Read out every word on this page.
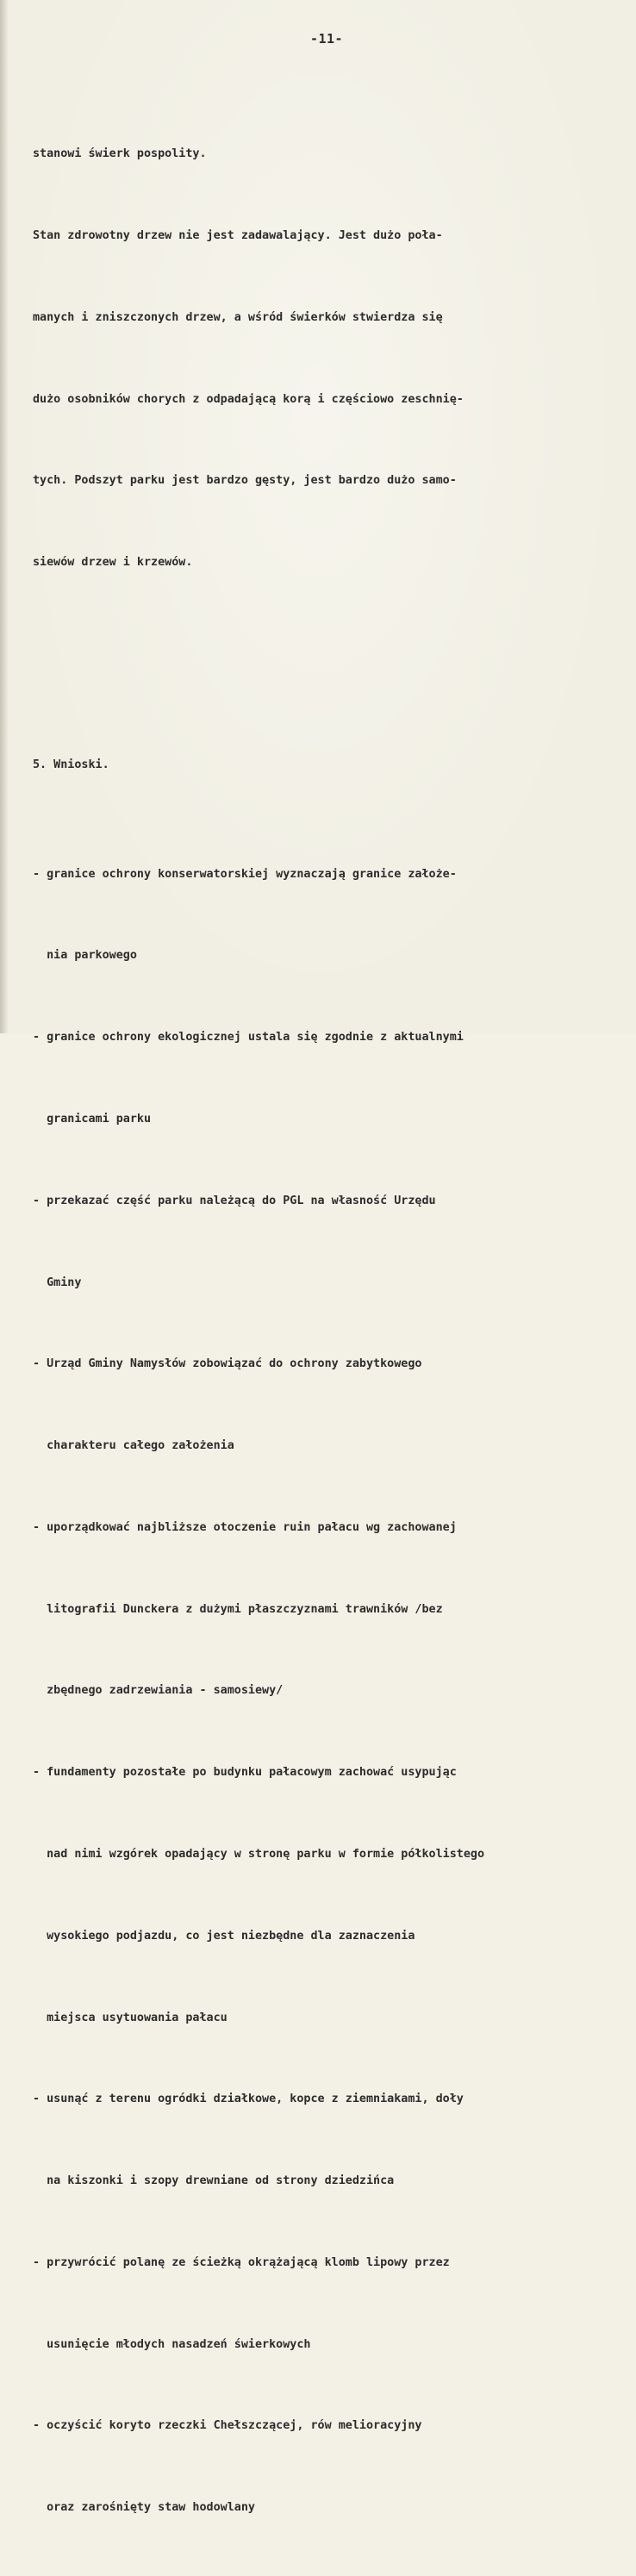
-11-

stanowi świerk pospolity.

Stan zdrowotny drzew nie jest zadawalający. Jest dużo poła-

manych i zniszczonych drzew, a wśród świerków stwierdza się

dużo osobników chorych z odpadającą korą i częściowo zeschnię-

tych. Podszyt parku jest bardzo gęsty, jest bardzo dużo samo-

siewów drzew i krzewów.

5. Wnioski.

- granice ochrony konserwatorskiej wyznaczają granice założe-

nia parkowego

- granice ochrony ekologicznej ustala się zgodnie z aktualnymi

granicami parku

- przekazać część parku należącą do PGL na własność Urzędu

Gminy

- Urząd Gminy Namysłów zobowiązać do ochrony zabytkowego

charakteru całego założenia

- uporządkować najbliższe otoczenie ruin pałacu wg zachowanej

litografii Dunckera z dużymi płaszczyznami trawników /bez

zbędnego zadrzewiania - samosiewy/

- fundamenty pozostałe po budynku pałacowym zachować usypując

nad nimi wzgórek opadający w stronę parku w formie półkolistego

wysokiego podjazdu, co jest niezbędne dla zaznaczenia

miejsca usytuowania pałacu

- usunąć z terenu ogródki działkowe, kopce z ziemniakami, doły

na kiszonki i szopy drewniane od strony dziedzińca

- przywrócić polanę ze ścieżką okrążającą klomb lipowy przez

usunięcie młodych nasadzeń świerkowych

- oczyścić koryto rzeczki Chełszczącej, rów melioracyjny

oraz zarośnięty staw hodowlany
